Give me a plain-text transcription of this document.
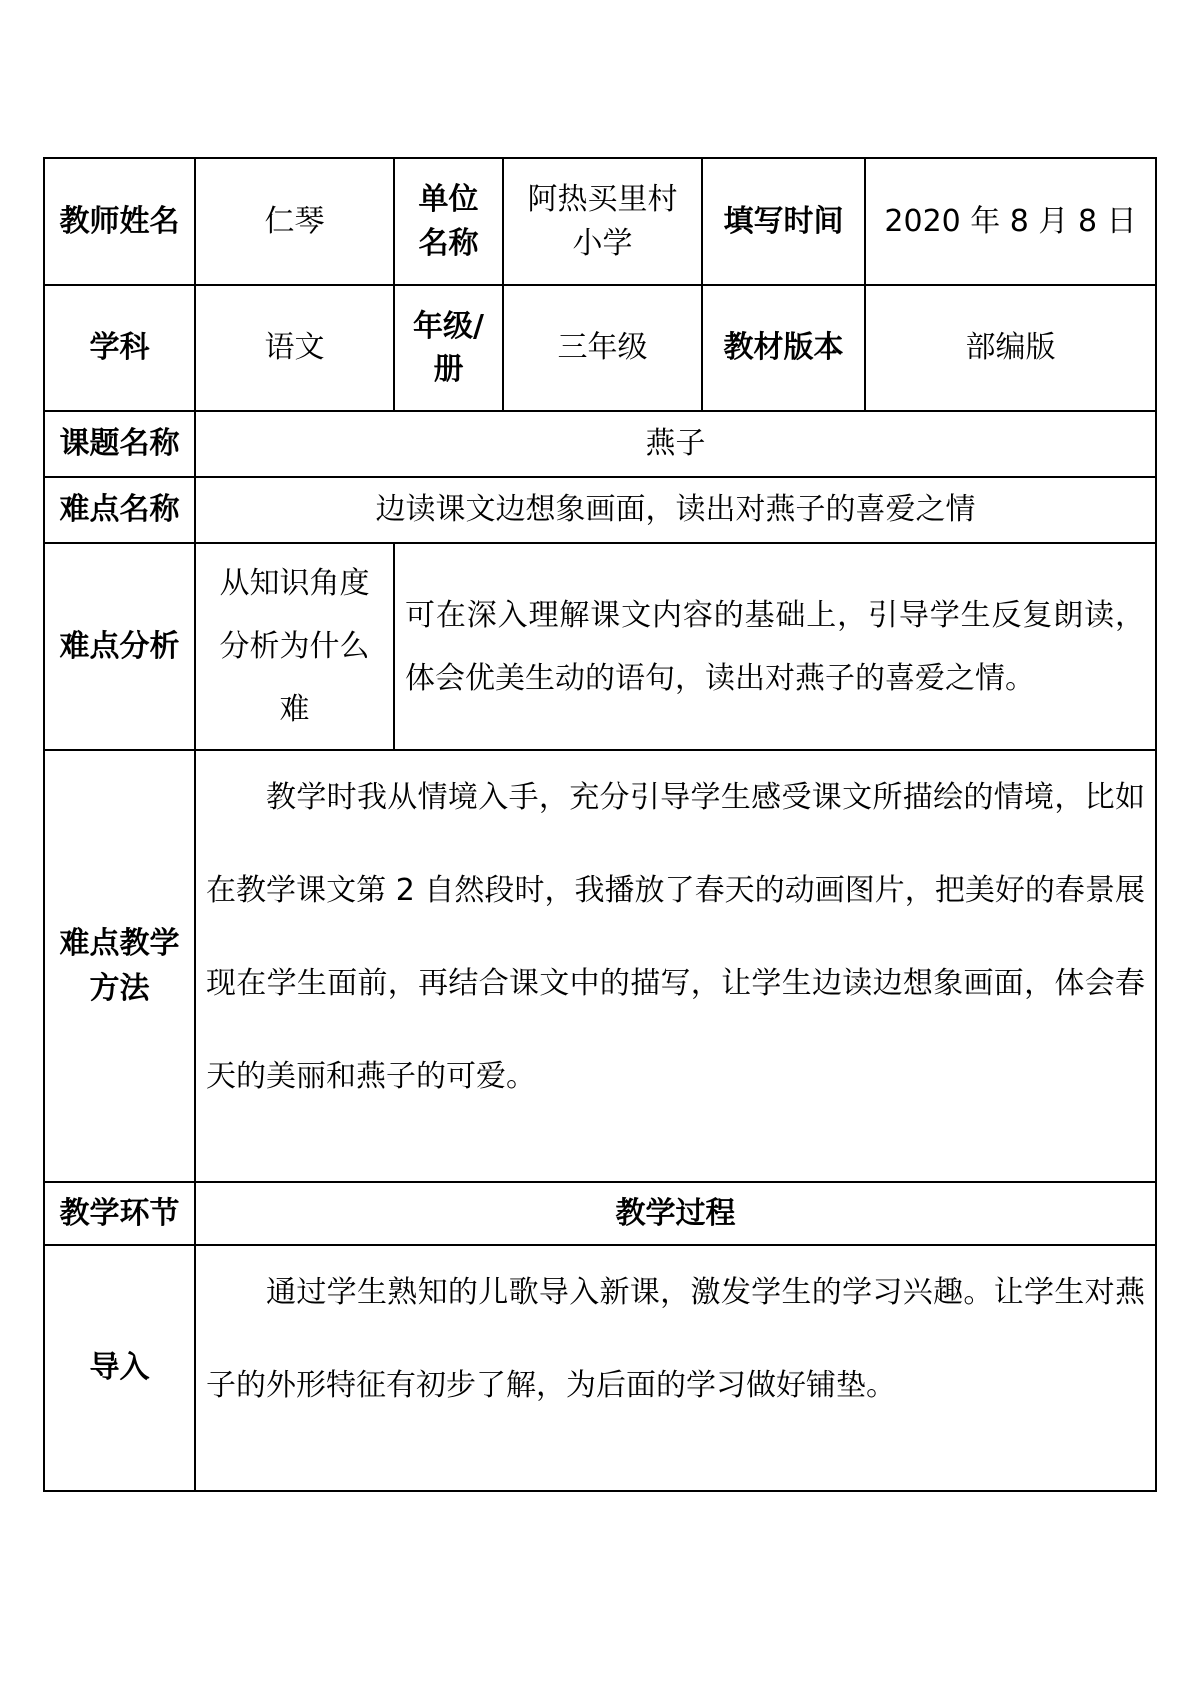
教师姓名	仁琴	单位名称	阿热买里村小学	填写时间	2020 年 8 月 8 日
学科	语文	年级/册	三年级	教材版本	部编版
课题名称	燕子				
难点名称	边读课文边想象画面，读出对燕子的喜爱之情				
难点分析	从知识角度分析为什么难	可在深入理解课文内容的基础上，引导学生反复朗读，体会优美生动的语句，读出对燕子的喜爱之情。			
难点教学方法	教学时我从情境入手，充分引导学生感受课文所描绘的情境，比如在教学课文第 2 自然段时，我播放了春天的动画图片，把美好的春景展现在学生面前，再结合课文中的描写，让学生边读边想象画面，体会春天的美丽和燕子的可爱。				
教学环节	教学过程				
导入	通过学生熟知的儿歌导入新课，激发学生的学习兴趣。让学生对燕子的外形特征有初步了解，为后面的学习做好铺垫。				
